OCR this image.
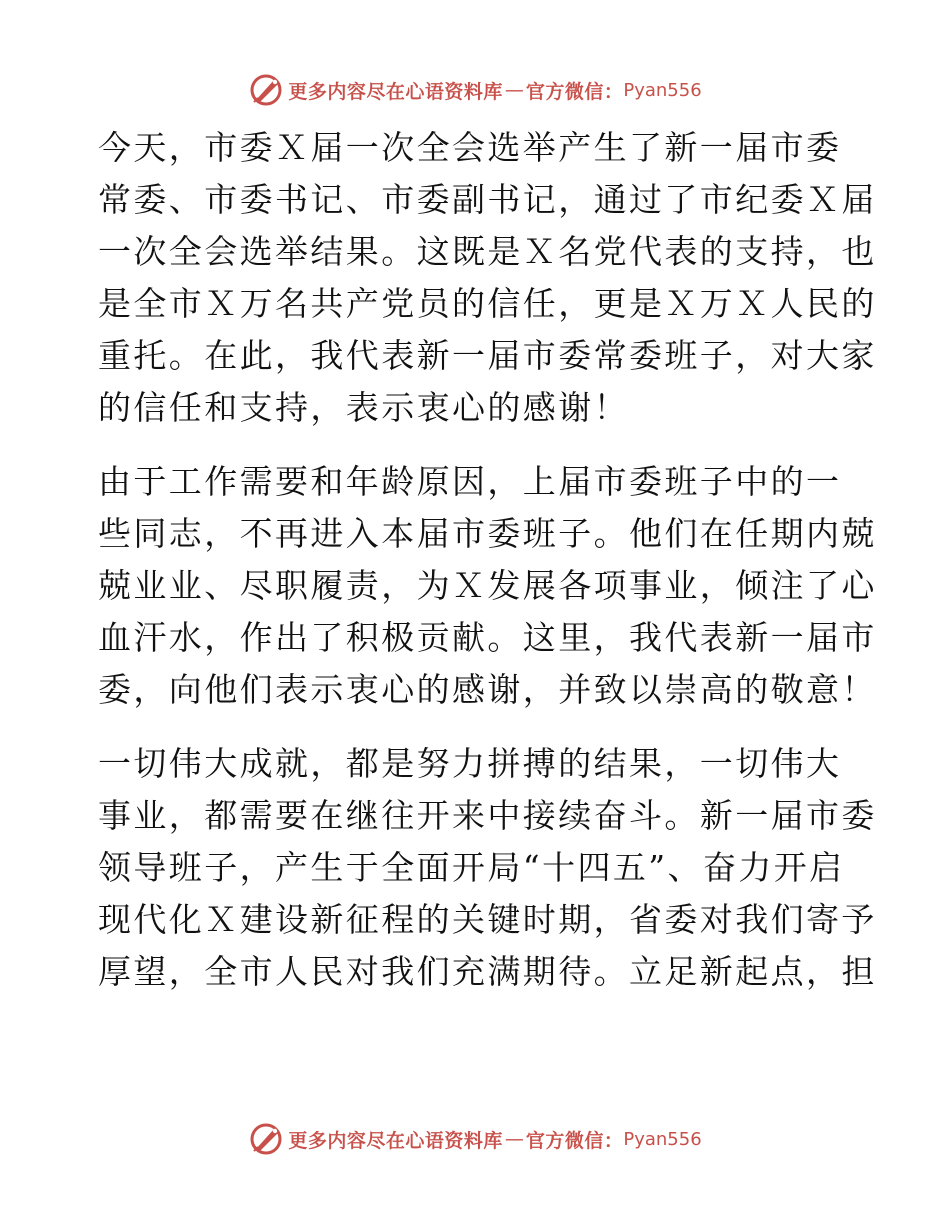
更多内容尽在心语资料库 — 官方微信： Pyan556
今天，市委Ｘ届一次全会选举产生了新一届市委
常委、市委书记、市委副书记，通过了市纪委Ｘ届
一次全会选举结果。这既是Ｘ名党代表的支持，也
是全市Ｘ万名共产党员的信任，更是Ｘ万Ｘ人民的
重托。在此，我代表新一届市委常委班子，对大家
的信任和支持，表示衷心的感谢！
由于工作需要和年龄原因，上届市委班子中的一
些同志，不再进入本届市委班子。他们在任期内兢
兢业业、尽职履责，为Ｘ发展各项事业，倾注了心
血汗水，作出了积极贡献。这里，我代表新一届市
委，向他们表示衷心的感谢，并致以崇高的敬意！
一切伟大成就，都是努力拼搏的结果，一切伟大
事业，都需要在继往开来中接续奋斗。新一届市委
领导班子，产生于全面开局“十四五”、奋力开启
现代化Ｘ建设新征程的关键时期，省委对我们寄予
厚望，全市人民对我们充满期待。立足新起点，担
更多内容尽在心语资料库 — 官方微信： Pyan556
